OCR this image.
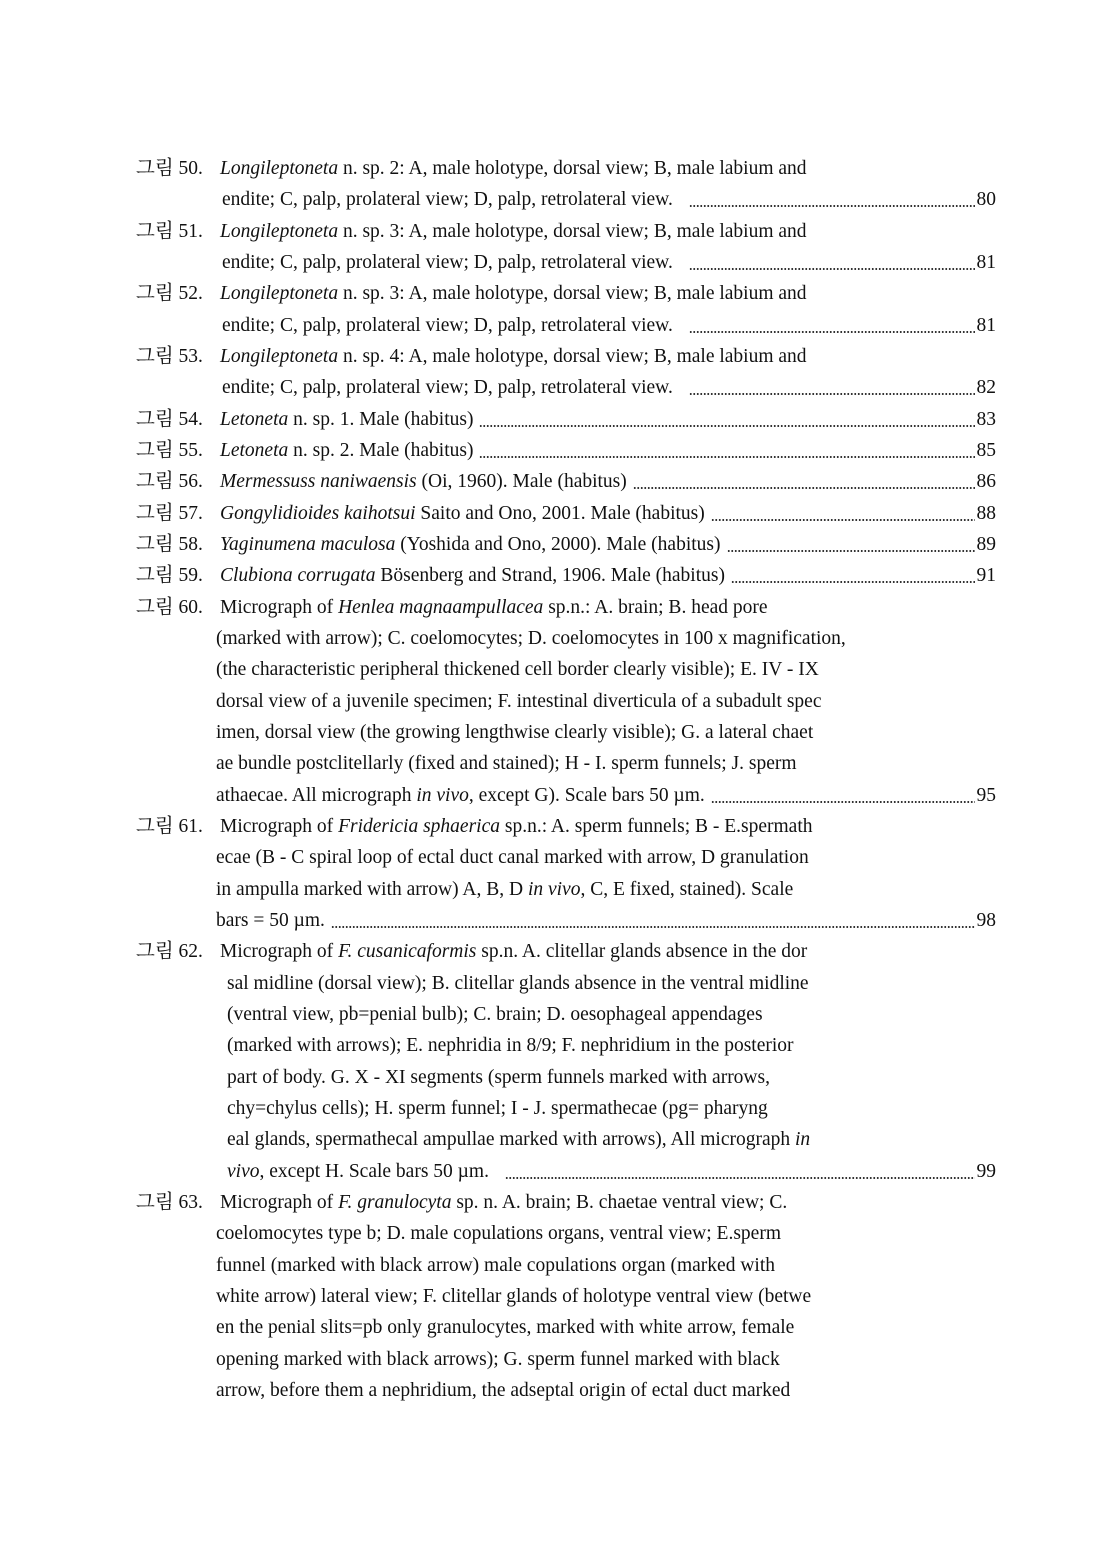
그림 50. Longileptoneta n. sp. 2: A, male holotype, dorsal view; B, male labium and
endite; C, palp, prolateral view; D, palp, retrolateral view.	80
그림 51. Longileptoneta n. sp. 3: A, male holotype, dorsal view; B, male labium and
endite; C, palp, prolateral view; D, palp, retrolateral view.	81
그림 52. Longileptoneta n. sp. 3: A, male holotype, dorsal view; B, male labium and
endite; C, palp, prolateral view; D, palp, retrolateral view.	81
그림 53. Longileptoneta n. sp. 4: A, male holotype, dorsal view; B, male labium and
endite; C, palp, prolateral view; D, palp, retrolateral view.	82
그림 54. Letoneta n. sp. 1. Male (habitus)	83
그림 55. Letoneta n. sp. 2. Male (habitus)	85
그림 56. Mermessuss naniwaensis (Oi, 1960). Male (habitus)	86
그림 57. Gongylidioides kaihotsui Saito and Ono, 2001. Male (habitus)	88
그림 58. Yaginumena maculosa (Yoshida and Ono, 2000). Male (habitus)	89
그림 59. Clubiona corrugata Bösenberg and Strand, 1906. Male (habitus)	91
그림 60. Micrograph of Henlea magnaampullacea sp.n.: A. brain; B. head pore
(marked with arrow); C. coelomocytes; D. coelomocytes in 100 x magnification,
(the characteristic peripheral thickened cell border clearly visible); E. IV - IX
dorsal view of a juvenile specimen; F. intestinal diverticula of a subadult spec
imen, dorsal view (the growing lengthwise clearly visible); G. a lateral chaet
ae bundle postclitellarly (fixed and stained); H - I. sperm funnels; J. sperm
athaecae. All micrograph in vivo, except G). Scale bars 50 µm.	95
그림 61. Micrograph of Fridericia sphaerica sp.n.: A. sperm funnels; B - E.spermath
ecae (B - C spiral loop of ectal duct canal marked with arrow, D granulation
in ampulla marked with arrow) A, B, D in vivo, C, E fixed, stained). Scale
bars = 50 µm.	98
그림 62. Micrograph of F. cusanicaformis sp.n. A. clitellar glands absence in the dor
sal midline (dorsal view); B. clitellar glands absence in the ventral midline
(ventral view, pb=penial bulb); C. brain; D. oesophageal appendages
(marked with arrows); E. nephridia in 8/9; F. nephridium in the posterior
part of body. G. X - XI segments (sperm funnels marked with arrows,
chy=chylus cells); H. sperm funnel; I - J. spermathecae (pg= pharyng
eal glands, spermathecal ampullae marked with arrows), All micrograph in
vivo, except H. Scale bars 50 µm.	99
그림 63. Micrograph of F. granulocyta sp. n. A. brain; B. chaetae ventral view; C.
coelomocytes type b; D. male copulations organs, ventral view; E.sperm
funnel (marked with black arrow) male copulations organ (marked with
white arrow) lateral view; F. clitellar glands of holotype ventral view (betwe
en the penial slits=pb only granulocytes, marked with white arrow, female
opening marked with black arrows); G. sperm funnel marked with black
arrow, before them a nephridium, the adseptal origin of ectal duct marked
